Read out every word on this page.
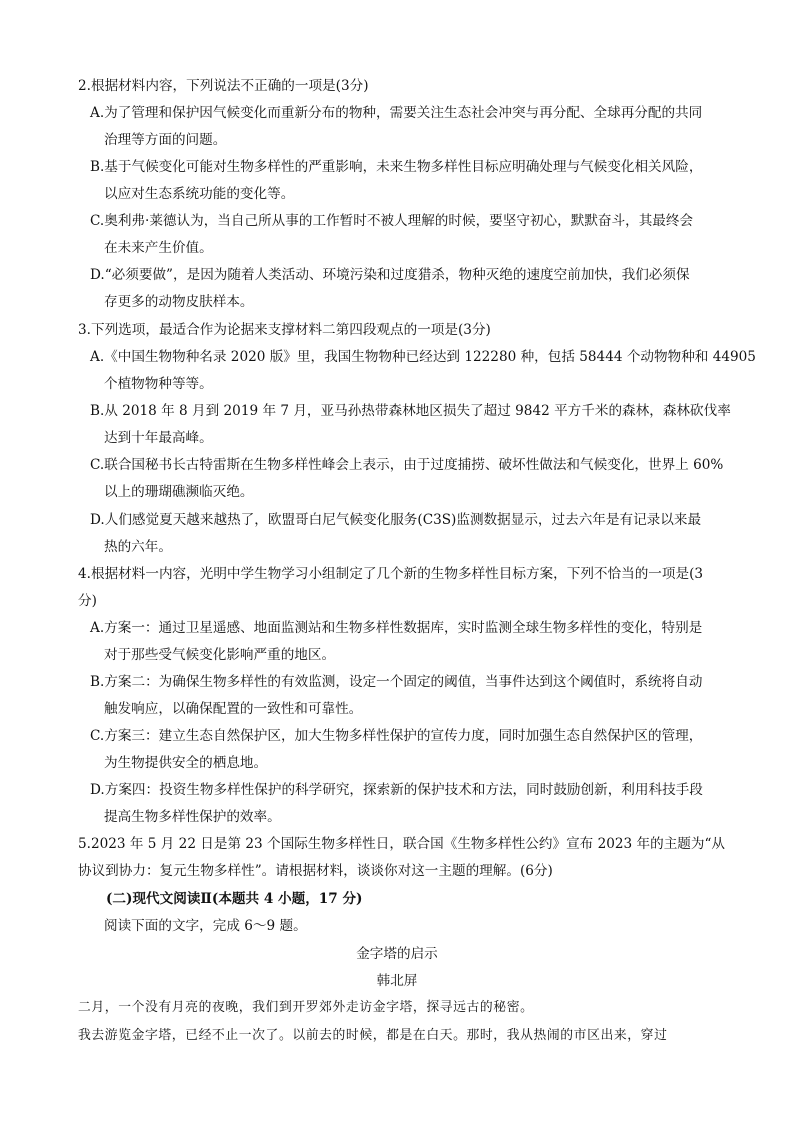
2.根据材料内容，下列说法不正确的一项是(3分)
A.为了管理和保护因气候变化而重新分布的物种，需要关注生态社会冲突与再分配、全球再分配的共同
治理等方面的问题。
B.基于气候变化可能对生物多样性的严重影响，未来生物多样性目标应明确处理与气候变化相关风险，
以应对生态系统功能的变化等。
C.奥利弗·莱德认为，当自己所从事的工作暂时不被人理解的时候，要坚守初心，默默奋斗，其最终会
在未来产生价值。
D.“必须要做”，是因为随着人类活动、环境污染和过度猎杀，物种灭绝的速度空前加快，我们必须保
存更多的动物皮肤样本。
3.下列选项，最适合作为论据来支撑材料二第四段观点的一项是(3分)
A.《中国生物物种名录 2020 版》里，我国生物物种已经达到 122280 种，包括 58444 个动物物种和 44905
个植物物种等等。
B.从 2018 年 8 月到 2019 年 7 月，亚马孙热带森林地区损失了超过 9842 平方千米的森林，森林砍伐率
达到十年最高峰。
C.联合国秘书长古特雷斯在生物多样性峰会上表示，由于过度捕捞、破坏性做法和气候变化，世界上 60%
以上的珊瑚礁濒临灭绝。
D.人们感觉夏天越来越热了，欧盟哥白尼气候变化服务(C3S)监测数据显示，过去六年是有记录以来最
热的六年。
4.根据材料一内容，光明中学生物学习小组制定了几个新的生物多样性目标方案，下列不恰当的一项是(3
分)
A.方案一：通过卫星遥感、地面监测站和生物多样性数据库，实时监测全球生物多样性的变化，特别是
对于那些受气候变化影响严重的地区。
B.方案二：为确保生物多样性的有效监测，设定一个固定的阈值，当事件达到这个阈值时，系统将自动
触发响应，以确保配置的一致性和可靠性。
C.方案三：建立生态自然保护区，加大生物多样性保护的宣传力度，同时加强生态自然保护区的管理，
为生物提供安全的栖息地。
D.方案四：投资生物多样性保护的科学研究，探索新的保护技术和方法，同时鼓励创新，利用科技手段
提高生物多样性保护的效率。
5.2023 年 5 月 22 日是第 23 个国际生物多样性日，联合国《生物多样性公约》宣布 2023 年的主题为“从
协议到协力：复元生物多样性”。请根据材料，谈谈你对这一主题的理解。(6分)
(二)现代文阅读Ⅱ(本题共 4 小题，17 分)
阅读下面的文字，完成 6～9 题。
金字塔的启示
韩北屏
二月，一个没有月亮的夜晚，我们到开罗郊外走访金字塔，探寻远古的秘密。
我去游览金字塔，已经不止一次了。以前去的时候，都是在白天。那时，我从热闹的市区出来，穿过
